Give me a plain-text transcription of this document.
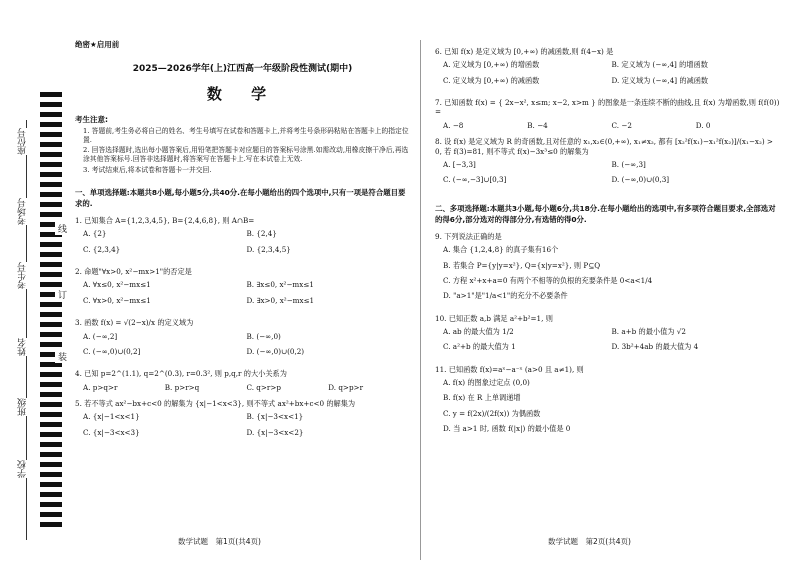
座位号
考场号
考生号
姓名
班级
学校
线
订
装
绝密★启用前
2025—2026学年(上)江西高一年级阶段性测试(期中)
数 学
考生注意:

1. 答题前,考生务必将自己的姓名、考生号填写在试卷和答题卡上,并将考生号条形码粘贴在答题卡上的指定位置.

2. 回答选择题时,选出每小题答案后,用铅笔把答题卡对应题目的答案标号涂黑.如需改动,用橡皮擦干净后,再选涂其他答案标号.回答非选择题时,将答案写在答题卡上.写在本试卷上无效.

3. 考试结束后,将本试卷和答题卡一并交回.

一、单项选择题:本题共8小题,每小题5分,共40分.在每小题给出的四个选项中,只有一项是符合题目要求的.
1. 已知集合 A={1,2,3,4,5}, B={2,4,6,8}, 则 A∩B=
A. {2}	B. {2,4}
C. {2,3,4}	D. {2,3,4,5}
2. 命题"∀x>0, x²−mx>1"的否定是
A. ∀x≤0, x²−mx≤1	B. ∃x≤0, x²−mx≤1
C. ∀x>0, x²−mx≤1	D. ∃x>0, x²−mx≤1
3. 函数 f(x) = √(2−x)/x 的定义域为
A. (−∞,2]	B. (−∞,0)
C. (−∞,0)∪(0,2]	D. (−∞,0)∪(0,2)
4. 已知 p=2^(1.1), q=2^(0.3), r=0.3², 则 p,q,r 的大小关系为
A. p>q>r	B. p>r>q	C. q>r>p	D. q>p>r
5. 若不等式 ax²−bx+c<0 的解集为 {x|−1<x<3}, 则不等式 ax²+bx+c<0 的解集为
A. {x|−1<x<1}	B. {x|−3<x<1}
C. {x|−3<x<3}	D. {x|−3<x<2}
6. 已知 f(x) 是定义域为 [0,+∞) 的减函数,则 f(4−x) 是
A. 定义域为 [0,+∞) 的增函数	B. 定义域为 (−∞,4] 的增函数
C. 定义域为 [0,+∞) 的减函数	D. 定义域为 (−∞,4] 的减函数
7. 已知函数 f(x) = { 2x−x², x≤m; x−2, x>m } 的图象是一条连续不断的曲线,且 f(x) 为增函数,则 f(f(0)) =
A. −8	B. −4	C. −2	D. 0
8. 设 f(x) 是定义域为 R 的奇函数,且对任意的 x₁,x₂∈(0,+∞), x₁≠x₂, 都有 [x₂²f(x₁)−x₁²f(x₂)]/(x₁−x₂) > 0, 若 f(3)=81, 则不等式 f(x)−3x³≤0 的解集为
A. [−3,3]	B. (−∞,3]
C. (−∞,−3]∪[0,3]	D. (−∞,0)∪(0,3]
二、多项选择题:本题共3小题,每小题6分,共18分.在每小题给出的选项中,有多项符合题目要求,全部选对的得6分,部分选对的得部分分,有选错的得0分.
9. 下列说法正确的是
A. 集合 {1,2,4,8} 的真子集有16个
B. 若集合 P={y|y=x²}, Q={x|y=x²}, 则 P⊆Q
C. 方程 x²+x+a=0 有两个不相等的负根的充要条件是 0<a<1/4
D. "a>1"是"1/a<1"的充分不必要条件
10. 已知正数 a,b 满足 a²+b²=1, 则
A. ab 的最大值为 1/2	B. a+b 的最小值为 √2
C. a²+b 的最大值为 1	D. 3b²+4ab 的最大值为 4
11. 已知函数 f(x)=aˣ−a⁻ˣ (a>0 且 a≠1), 则
A. f(x) 的图象过定点 (0,0)
B. f(x) 在 R 上单调递增
C. y = f(2x)/(2f(x)) 为偶函数
D. 当 a>1 时, 函数 f(|x|) 的最小值是 0
数学试题　第1页(共4页)	数学试题　第2页(共4页)
